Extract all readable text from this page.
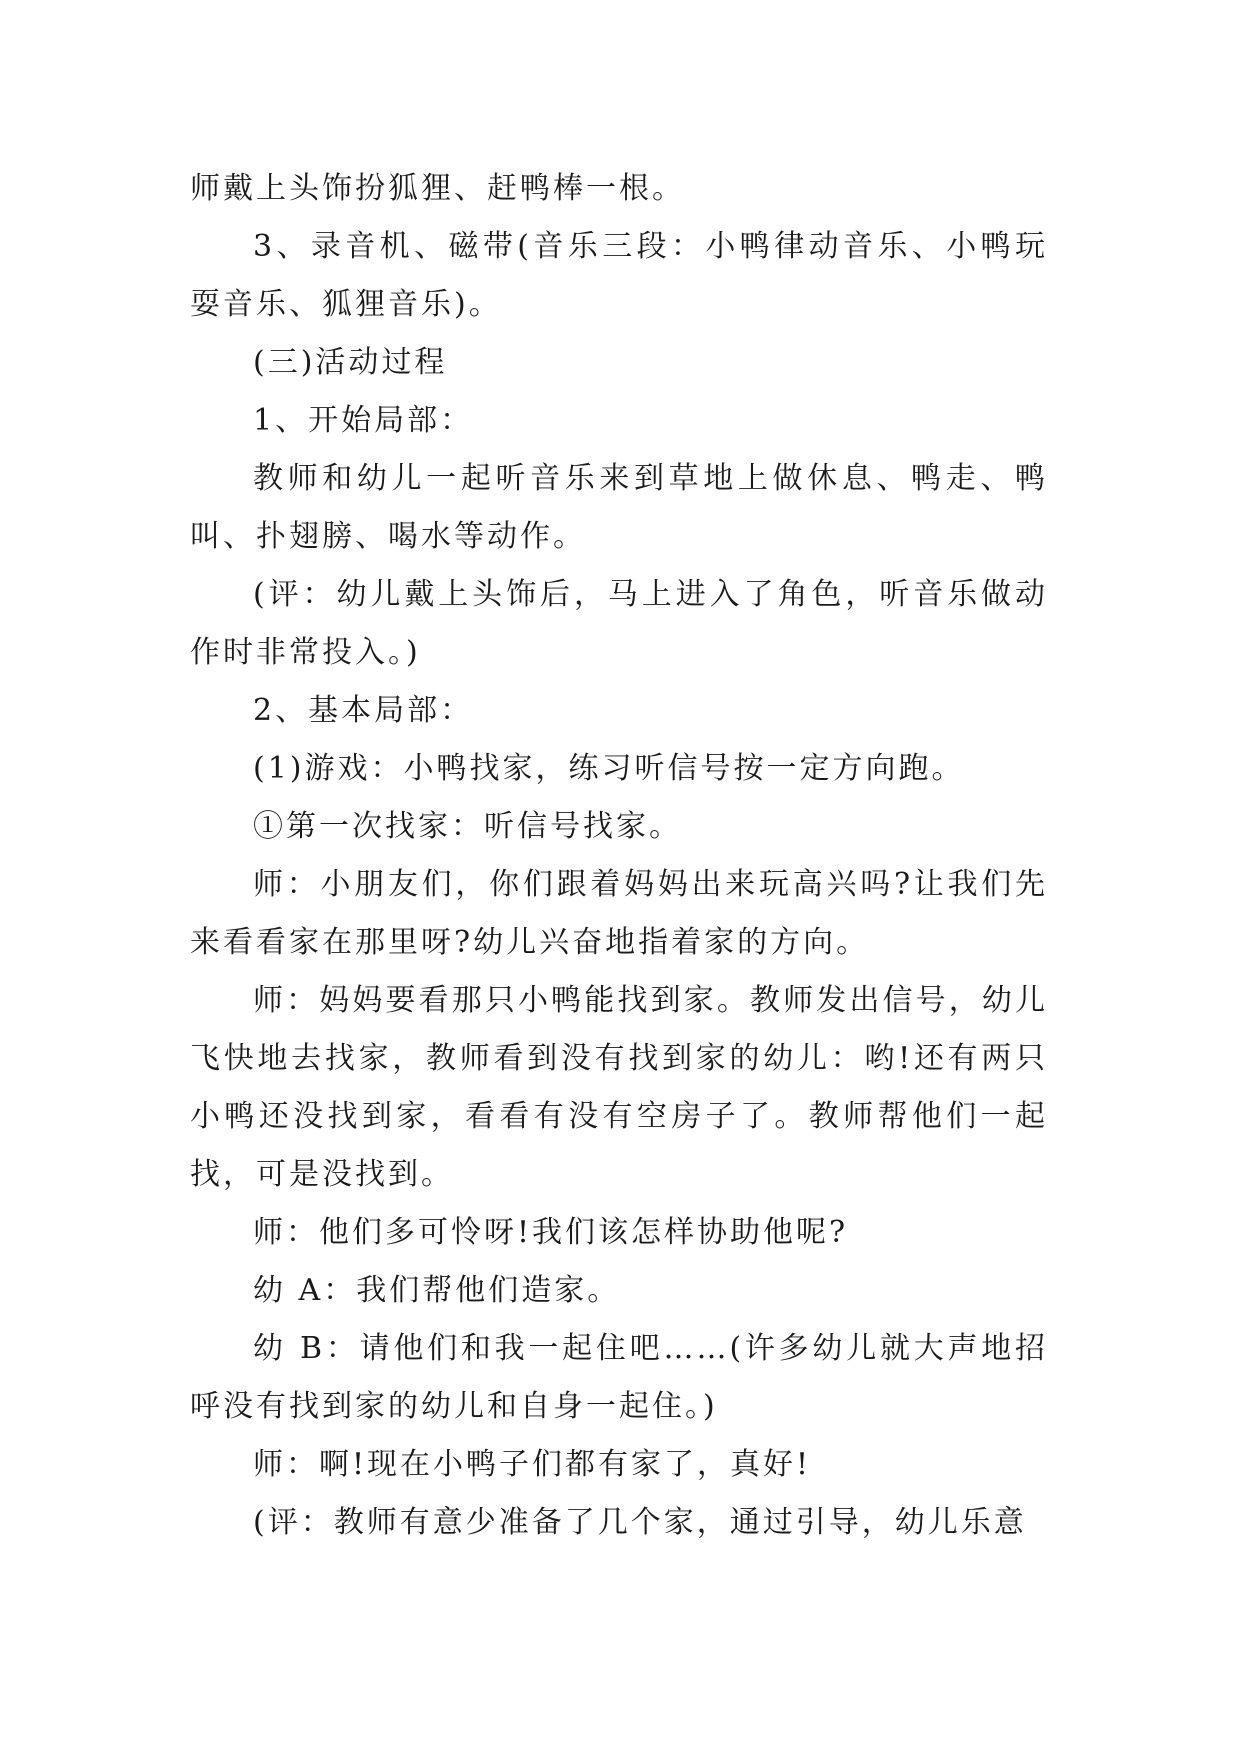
师戴上头饰扮狐狸、赶鸭棒一根。

3、录音机、磁带(音乐三段：小鸭律动音乐、小鸭玩耍音乐、狐狸音乐)。

(三)活动过程

1、开始局部：

教师和幼儿一起听音乐来到草地上做休息、鸭走、鸭叫、扑翅膀、喝水等动作。

(评：幼儿戴上头饰后，马上进入了角色，听音乐做动作时非常投入。)

2、基本局部：

(1)游戏：小鸭找家，练习听信号按一定方向跑。

①第一次找家：听信号找家。

师：小朋友们，你们跟着妈妈出来玩高兴吗?让我们先来看看家在那里呀?幼儿兴奋地指着家的方向。

师：妈妈要看那只小鸭能找到家。教师发出信号，幼儿飞快地去找家，教师看到没有找到家的幼儿：哟!还有两只小鸭还没找到家，看看有没有空房子了。教师帮他们一起找，可是没找到。

师：他们多可怜呀!我们该怎样协助他呢?

幼 A：我们帮他们造家。

幼 B：请他们和我一起住吧……(许多幼儿就大声地招呼没有找到家的幼儿和自身一起住。)

师：啊!现在小鸭子们都有家了，真好!

(评：教师有意少准备了几个家，通过引导，幼儿乐意
